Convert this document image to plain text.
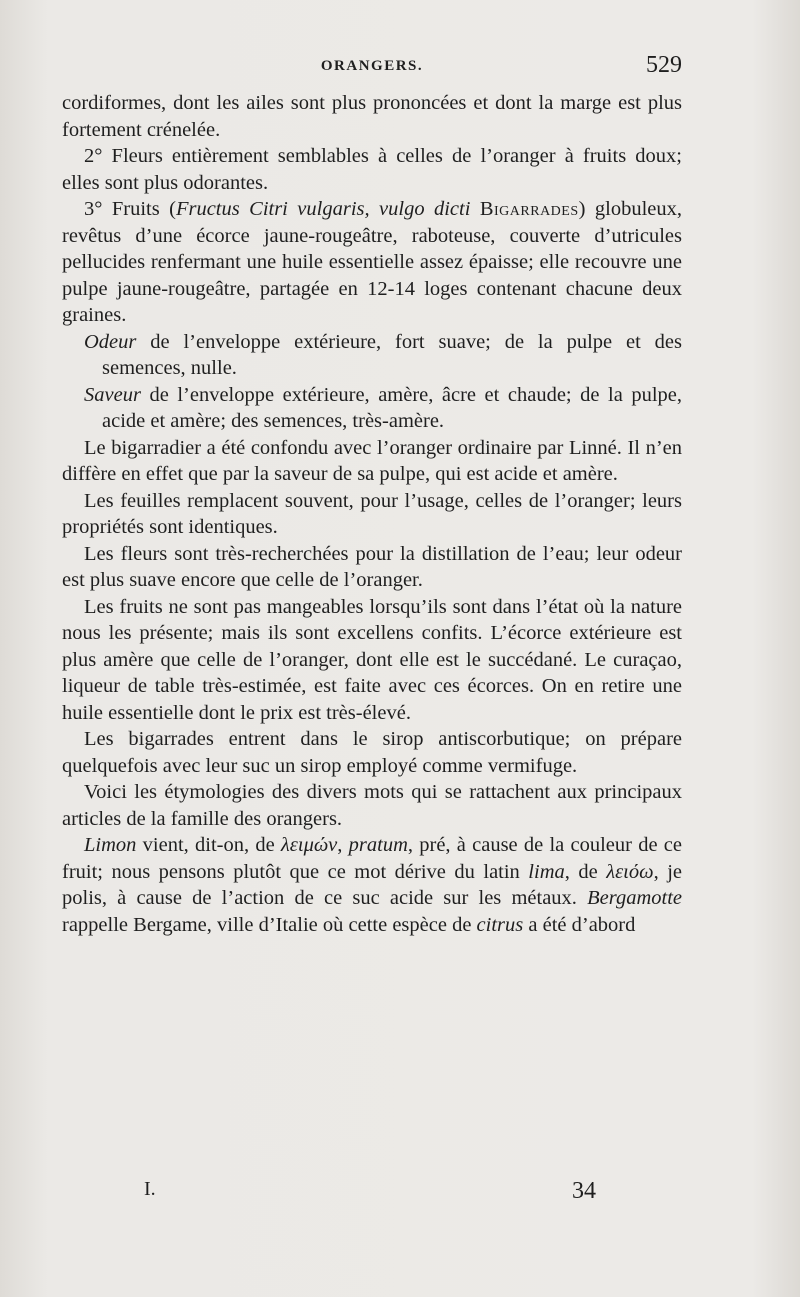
ORANGERS.	529

cordiformes, dont les ailes sont plus prononcées et dont la marge est plus fortement crénelée.

2° Fleurs entièrement semblables à celles de l’oranger à fruits doux; elles sont plus odorantes.

3° Fruits (Fructus Citri vulgaris, vulgo dicti Bigarrades) globuleux, revêtus d’une écorce jaune-rougeâtre, raboteuse, couverte d’utricules pellucides renfermant une huile essentielle assez épaisse; elle recouvre une pulpe jaune-rougeâtre, partagée en 12-14 loges contenant chacune deux graines.

Odeur de l’enveloppe extérieure, fort suave; de la pulpe et des semences, nulle.

Saveur de l’enveloppe extérieure, amère, âcre et chaude; de la pulpe, acide et amère; des semences, très-amère.

Le bigarradier a été confondu avec l’oranger ordinaire par Linné. Il n’en diffère en effet que par la saveur de sa pulpe, qui est acide et amère.

Les feuilles remplacent souvent, pour l’usage, celles de l’oranger; leurs propriétés sont identiques.

Les fleurs sont très-recherchées pour la distillation de l’eau; leur odeur est plus suave encore que celle de l’oranger.

Les fruits ne sont pas mangeables lorsqu’ils sont dans l’état où la nature nous les présente; mais ils sont excellens confits. L’écorce extérieure est plus amère que celle de l’oranger, dont elle est le succédané. Le curaçao, liqueur de table très-estimée, est faite avec ces écorces. On en retire une huile essentielle dont le prix est très-élevé.

Les bigarrades entrent dans le sirop antiscorbutique; on prépare quelquefois avec leur suc un sirop employé comme vermifuge.

Voici les étymologies des divers mots qui se rattachent aux principaux articles de la famille des orangers.

Limon vient, dit-on, de λειμών, pratum, pré, à cause de la couleur de ce fruit; nous pensons plutôt que ce mot dérive du latin lima, de λειόω, je polis, à cause de l’action de ce suc acide sur les métaux. Bergamotte rappelle Bergame, ville d’Italie où cette espèce de citrus a été d’abord

I.	34
